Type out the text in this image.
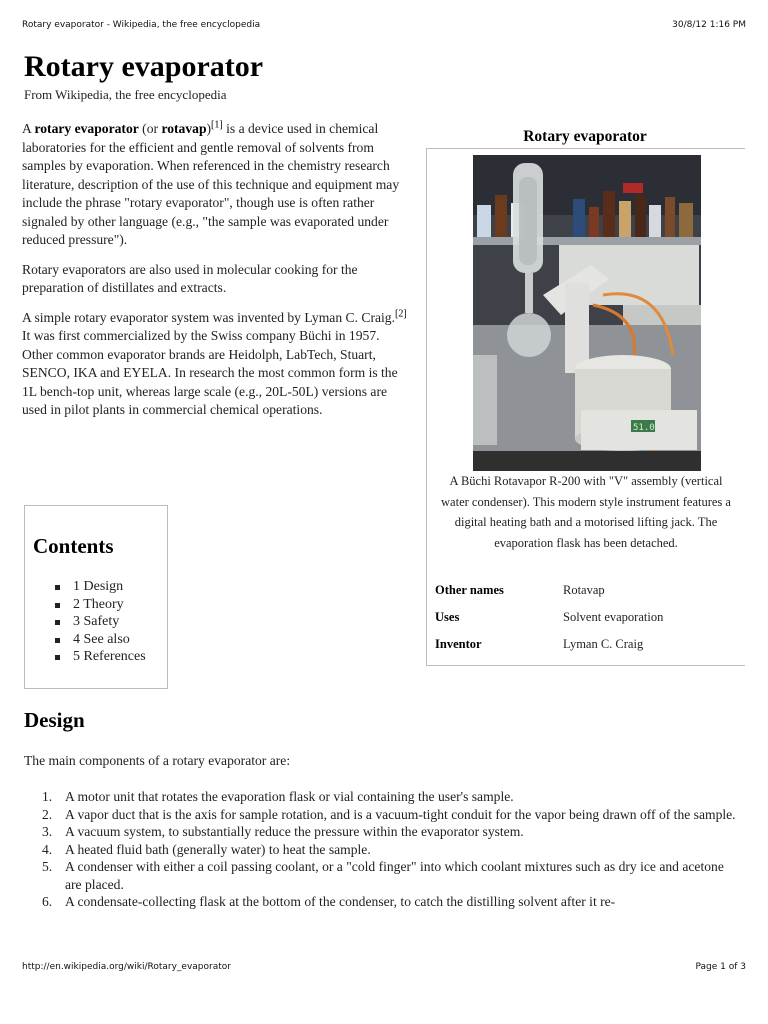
Rotary evaporator - Wikipedia, the free encyclopedia	30/8/12 1:16 PM
Rotary evaporator
From Wikipedia, the free encyclopedia

A rotary evaporator (or rotavap)[1] is a device used in chemical laboratories for the efficient and gentle removal of solvents from samples by evaporation. When referenced in the chemistry research literature, description of the use of this technique and equipment may include the phrase "rotary evaporator", though use is often rather signaled by other language (e.g., "the sample was evaporated under reduced pressure").

Rotary evaporators are also used in molecular cooking for the preparation of distillates and extracts.

A simple rotary evaporator system was invented by Lyman C. Craig.[2] It was first commercialized by the Swiss company Büchi in 1957. Other common evaporator brands are Heidolph, LabTech, Stuart, SENCO, IKA and EYELA. In research the most common form is the 1L bench-top unit, whereas large scale (e.g., 20L-50L) versions are used in pilot plants in commercial chemical operations.

Rotary evaporator
51.0
A Büchi Rotavapor R-200 with "V" assembly (vertical water condenser). This modern style instrument features a digital heating bath and a motorised lifting jack. The evaporation flask has been detached.
Other names	Rotavap
Uses	Solvent evaporation
Inventor	Lyman C. Craig
Contents
1 Design
2 Theory
3 Safety
4 See also
5 References
Design

The main components of a rotary evaporator are:

1. A motor unit that rotates the evaporation flask or vial containing the user's sample.
2. A vapor duct that is the axis for sample rotation, and is a vacuum-tight conduit for the vapor being drawn off of the sample.
3. A vacuum system, to substantially reduce the pressure within the evaporator system.
4. A heated fluid bath (generally water) to heat the sample.
5. A condenser with either a coil passing coolant, or a "cold finger" into which coolant mixtures such as dry ice and acetone are placed.
6. A condensate-collecting flask at the bottom of the condenser, to catch the distilling solvent after it re-
http://en.wikipedia.org/wiki/Rotary_evaporator	Page 1 of 3
